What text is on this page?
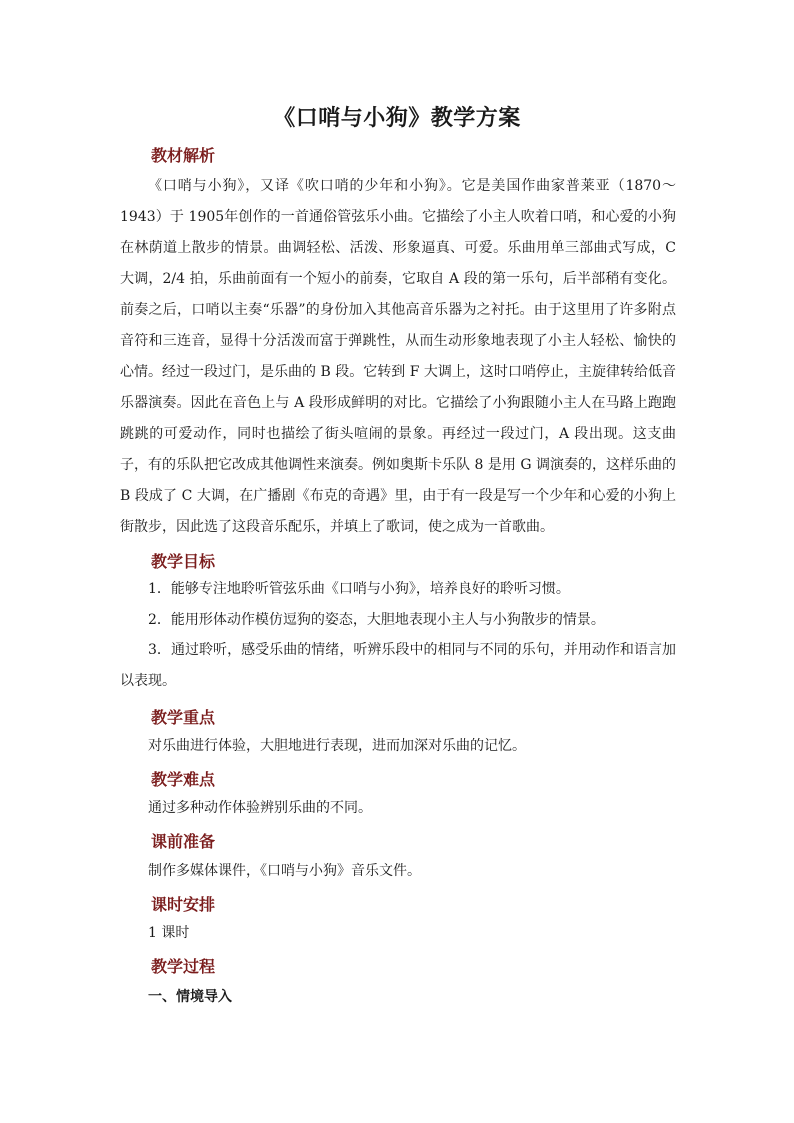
《口哨与小狗》教学方案
教材解析

《口哨与小狗》，又译《吹口哨的少年和小狗》。它是美国作曲家普莱亚（1870～1943）于 1905年创作的一首通俗管弦乐小曲。它描绘了小主人吹着口哨，和心爱的小狗在林荫道上散步的情景。曲调轻松、活泼、形象逼真、可爱。乐曲用单三部曲式写成，C 大调，2/4 拍，乐曲前面有一个短小的前奏，它取自 A 段的第一乐句，后半部稍有变化。前奏之后，口哨以主奏“乐器”的身份加入其他高音乐器为之衬托。由于这里用了许多附点音符和三连音，显得十分活泼而富于弹跳性，从而生动形象地表现了小主人轻松、愉快的心情。经过一段过门，是乐曲的 B 段。它转到 F 大调上，这时口哨停止，主旋律转给低音乐器演奏。因此在音色上与 A 段形成鲜明的对比。它描绘了小狗跟随小主人在马路上跑跑跳跳的可爱动作，同时也描绘了街头喧闹的景象。再经过一段过门，A 段出现。这支曲子，有的乐队把它改成其他调性来演奏。例如奥斯卡乐队 8 是用 G 调演奏的，这样乐曲的 B 段成了 C 大调，在广播剧《布克的奇遇》里，由于有一段是写一个少年和心爱的小狗上街散步，因此选了这段音乐配乐，并填上了歌词，使之成为一首歌曲。

教学目标

1．能够专注地聆听管弦乐曲《口哨与小狗》，培养良好的聆听习惯。

2．能用形体动作模仿逗狗的姿态，大胆地表现小主人与小狗散步的情景。

3．通过聆听，感受乐曲的情绪，听辨乐段中的相同与不同的乐句，并用动作和语言加以表现。

教学重点

对乐曲进行体验，大胆地进行表现，进而加深对乐曲的记忆。

教学难点

通过多种动作体验辨别乐曲的不同。

课前准备

制作多媒体课件，《口哨与小狗》音乐文件。

课时安排

1 课时

教学过程

一、情境导入
